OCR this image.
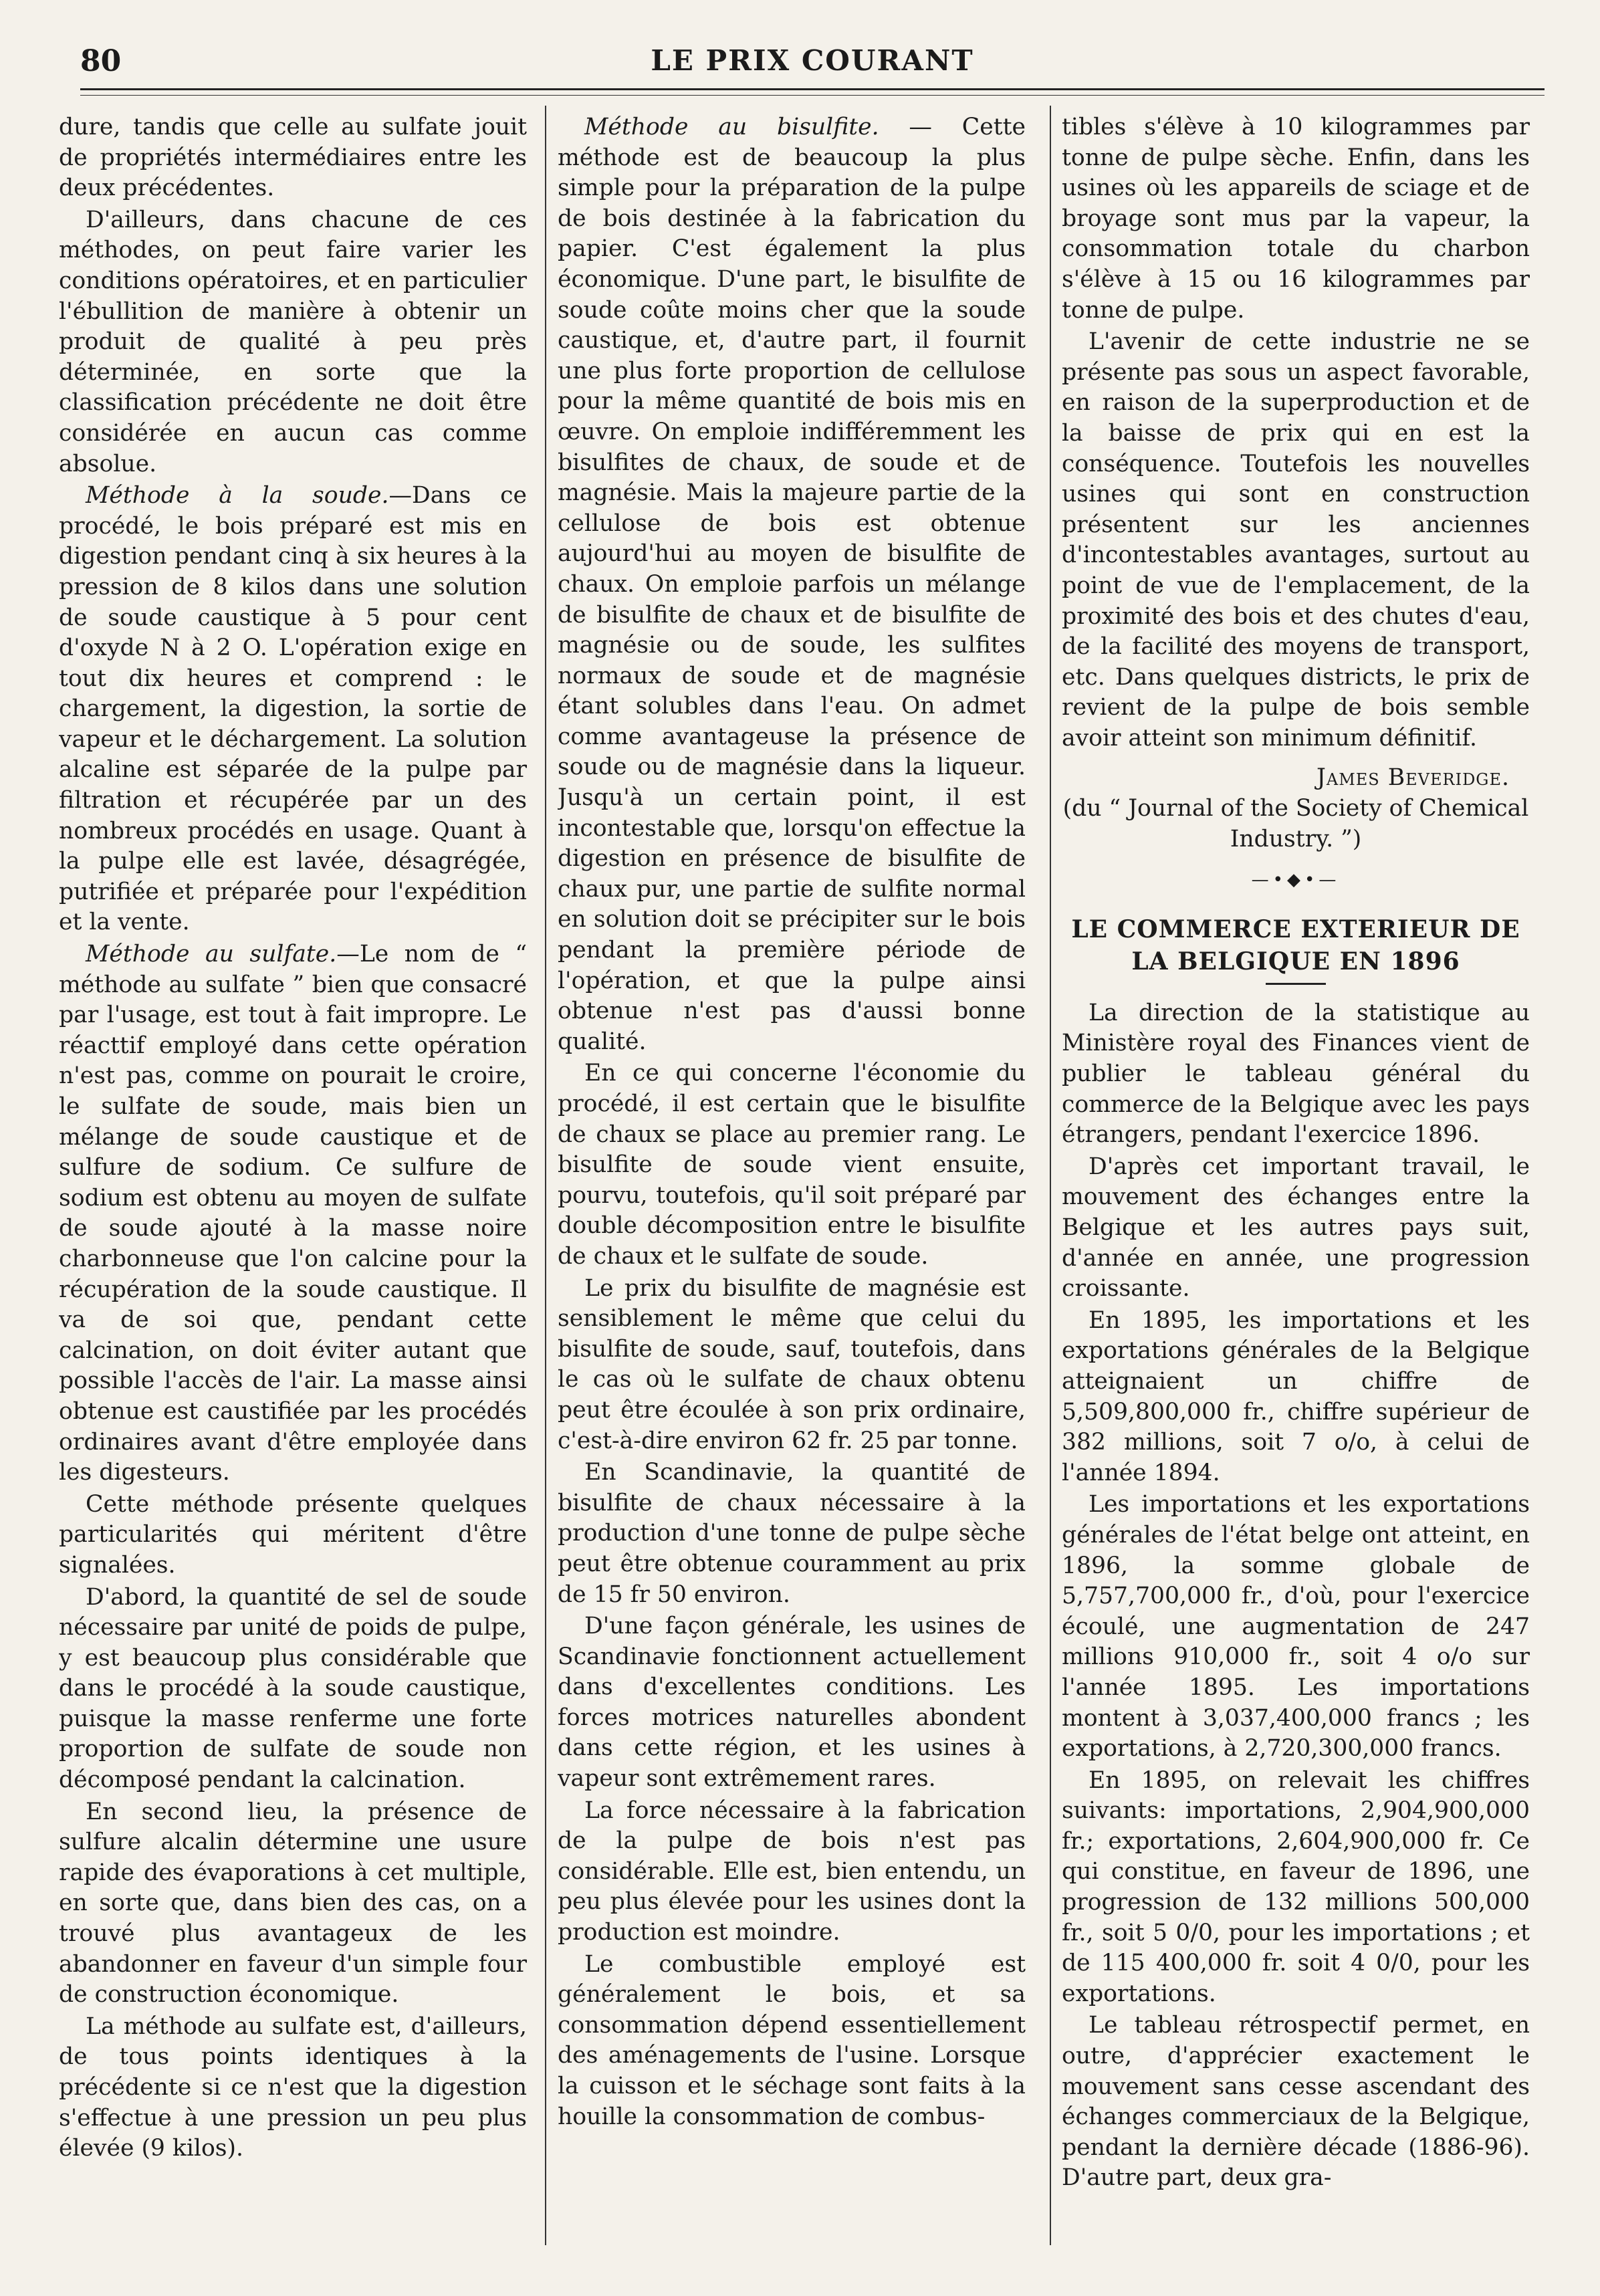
80	LE PRIX COURANT

dure, tandis que celle au sulfate jouit de propriétés intermédiaires entre les deux précédentes.

D'ailleurs, dans chacune de ces méthodes, on peut faire varier les conditions opératoires, et en particulier l'ébullition de manière à obtenir un produit de qualité à peu près déterminée, en sorte que la classification précédente ne doit être considérée en aucun cas comme absolue.

Méthode à la soude.—Dans ce procédé, le bois préparé est mis en digestion pendant cinq à six heures à la pression de 8 kilos dans une solution de soude caustique à 5 pour cent d'oxyde N à 2 O. L'opération exige en tout dix heures et comprend : le chargement, la digestion, la sortie de vapeur et le déchargement. La solution alcaline est séparée de la pulpe par filtration et récupérée par un des nombreux procédés en usage. Quant à la pulpe elle est lavée, désagrégée, putrifiée et préparée pour l'expédition et la vente.

Méthode au sulfate.—Le nom de “ méthode au sulfate ” bien que consacré par l'usage, est tout à fait impropre. Le réacttif employé dans cette opération n'est pas, comme on pourait le croire, le sulfate de soude, mais bien un mélange de soude caustique et de sulfure de sodium. Ce sulfure de sodium est obtenu au moyen de sulfate de soude ajouté à la masse noire charbonneuse que l'on calcine pour la récupération de la soude caustique. Il va de soi que, pendant cette calcination, on doit éviter autant que possible l'accès de l'air. La masse ainsi obtenue est caustifiée par les procédés ordinaires avant d'être employée dans les digesteurs.

Cette méthode présente quelques particularités qui méritent d'être signalées.

D'abord, la quantité de sel de soude nécessaire par unité de poids de pulpe, y est beaucoup plus considérable que dans le procédé à la soude caustique, puisque la masse renferme une forte proportion de sulfate de soude non décomposé pendant la calcination.

En second lieu, la présence de sulfure alcalin détermine une usure rapide des évaporations à cet multiple, en sorte que, dans bien des cas, on a trouvé plus avantageux de les abandonner en faveur d'un simple four de construction économique.

La méthode au sulfate est, d'ailleurs, de tous points identiques à la précédente si ce n'est que la digestion s'effectue à une pression un peu plus élevée (9 kilos).

Méthode au bisulfite. — Cette méthode est de beaucoup la plus simple pour la préparation de la pulpe de bois destinée à la fabrication du papier. C'est également la plus économique. D'une part, le bisulfite de soude coûte moins cher que la soude caustique, et, d'autre part, il fournit une plus forte proportion de cellulose pour la même quantité de bois mis en œuvre. On emploie indifféremment les bisulfites de chaux, de soude et de magnésie. Mais la majeure partie de la cellulose de bois est obtenue aujourd'hui au moyen de bisulfite de chaux. On emploie parfois un mélange de bisulfite de chaux et de bisulfite de magnésie ou de soude, les sulfites normaux de soude et de magnésie étant solubles dans l'eau. On admet comme avantageuse la présence de soude ou de magnésie dans la liqueur. Jusqu'à un certain point, il est incontestable que, lorsqu'on effectue la digestion en présence de bisulfite de chaux pur, une partie de sulfite normal en solution doit se précipiter sur le bois pendant la première période de l'opération, et que la pulpe ainsi obtenue n'est pas d'aussi bonne qualité.

En ce qui concerne l'économie du procédé, il est certain que le bisulfite de chaux se place au premier rang. Le bisulfite de soude vient ensuite, pourvu, toutefois, qu'il soit préparé par double décomposition entre le bisulfite de chaux et le sulfate de soude.

Le prix du bisulfite de magnésie est sensiblement le même que celui du bisulfite de soude, sauf, toutefois, dans le cas où le sulfate de chaux obtenu peut être écoulée à son prix ordinaire, c'est-à-dire environ 62 fr. 25 par tonne.

En Scandinavie, la quantité de bisulfite de chaux nécessaire à la production d'une tonne de pulpe sèche peut être obtenue couramment au prix de 15 fr 50 environ.

D'une façon générale, les usines de Scandinavie fonctionnent actuellement dans d'excellentes conditions. Les forces motrices naturelles abondent dans cette région, et les usines à vapeur sont extrêmement rares.

La force nécessaire à la fabrication de la pulpe de bois n'est pas considérable. Elle est, bien entendu, un peu plus élevée pour les usines dont la production est moindre.

Le combustible employé est généralement le bois, et sa consommation dépend essentiellement des aménagements de l'usine. Lorsque la cuisson et le séchage sont faits à la houille la consommation de combus-

tibles s'élève à 10 kilogrammes par tonne de pulpe sèche. Enfin, dans les usines où les appareils de sciage et de broyage sont mus par la vapeur, la consommation totale du charbon s'élève à 15 ou 16 kilogrammes par tonne de pulpe.

L'avenir de cette industrie ne se présente pas sous un aspect favorable, en raison de la superproduction et de la baisse de prix qui en est la conséquence. Toutefois les nouvelles usines qui sont en construction présentent sur les anciennes d'incontestables avantages, surtout au point de vue de l'emplacement, de la proximité des bois et des chutes d'eau, de la facilité des moyens de transport, etc. Dans quelques districts, le prix de revient de la pulpe de bois semble avoir atteint son minimum définitif.

James Beveridge.
(du “ Journal of the Society of Chemical Industry. ”)
—•◆•—
LE COMMERCE EXTERIEUR DE LA BELGIQUE EN 1896

La direction de la statistique au Ministère royal des Finances vient de publier le tableau général du commerce de la Belgique avec les pays étrangers, pendant l'exercice 1896.

D'après cet important travail, le mouvement des échanges entre la Belgique et les autres pays suit, d'année en année, une progression croissante.

En 1895, les importations et les exportations générales de la Belgique atteignaient un chiffre de 5,509,800,000 fr., chiffre supérieur de 382 millions, soit 7 o/o, à celui de l'année 1894.

Les importations et les exportations générales de l'état belge ont atteint, en 1896, la somme globale de 5,757,700,000 fr., d'où, pour l'exercice écoulé, une augmentation de 247 millions 910,000 fr., soit 4 o/o sur l'année 1895. Les importations montent à 3,037,400,000 francs ; les exportations, à 2,720,300,000 francs.

En 1895, on relevait les chiffres suivants: importations, 2,904,900,000 fr.; exportations, 2,604,900,000 fr. Ce qui constitue, en faveur de 1896, une progression de 132 millions 500,000 fr., soit 5 0/0, pour les importations ; et de 115 400,000 fr. soit 4 0/0, pour les exportations.

Le tableau rétrospectif permet, en outre, d'apprécier exactement le mouvement sans cesse ascendant des échanges commerciaux de la Belgique, pendant la dernière décade (1886-96). D'autre part, deux gra-
